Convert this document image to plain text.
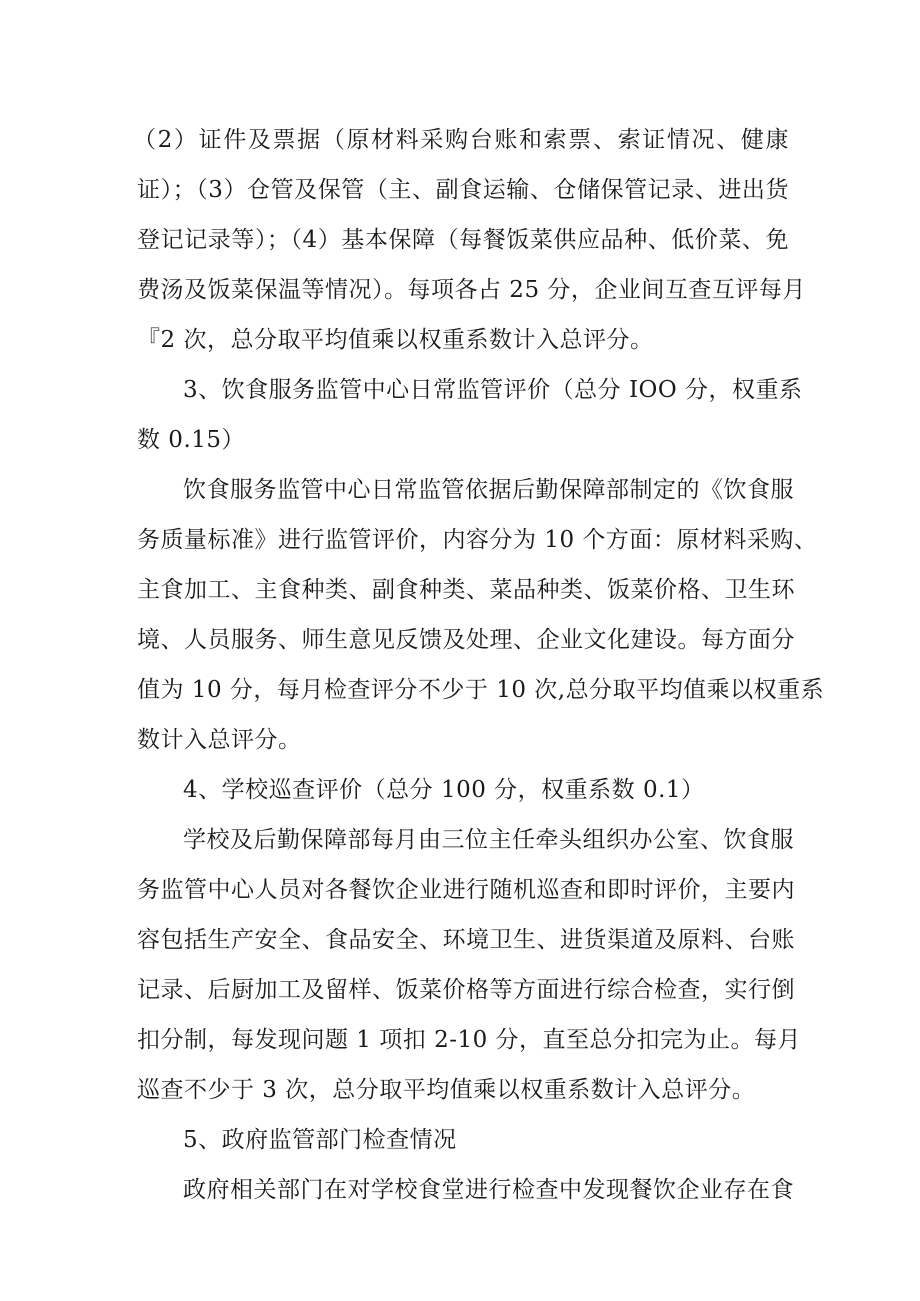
（2）证件及票据（原材料采购台账和索票、索证情况、健康
证）；（3）仓管及保管（主、副食运输、仓储保管记录、进出货
登记记录等）；（4）基本保障（每餐饭菜供应品种、低价菜、免
费汤及饭菜保温等情况）。每项各占 25 分，企业间互查互评每月
『2 次，总分取平均值乘以权重系数计入总评分。
3、饮食服务监管中心日常监管评价（总分 IOO 分，权重系
数 0.15）
饮食服务监管中心日常监管依据后勤保障部制定的《饮食服
务质量标准》进行监管评价，内容分为 10 个方面：原材料采购、
主食加工、主食种类、副食种类、菜品种类、饭菜价格、卫生环
境、人员服务、师生意见反馈及处理、企业文化建设。每方面分
值为 10 分，每月检查评分不少于 10 次,总分取平均值乘以权重系
数计入总评分。
4、学校巡查评价（总分 100 分，权重系数 0.1）
学校及后勤保障部每月由三位主任牵头组织办公室、饮食服
务监管中心人员对各餐饮企业进行随机巡查和即时评价，主要内
容包括生产安全、食品安全、环境卫生、进货渠道及原料、台账
记录、后厨加工及留样、饭菜价格等方面进行综合检查，实行倒
扣分制，每发现问题 1 项扣 2-10 分，直至总分扣完为止。每月
巡查不少于 3 次，总分取平均值乘以权重系数计入总评分。
5、政府监管部门检查情况
政府相关部门在对学校食堂进行检查中发现餐饮企业存在食
